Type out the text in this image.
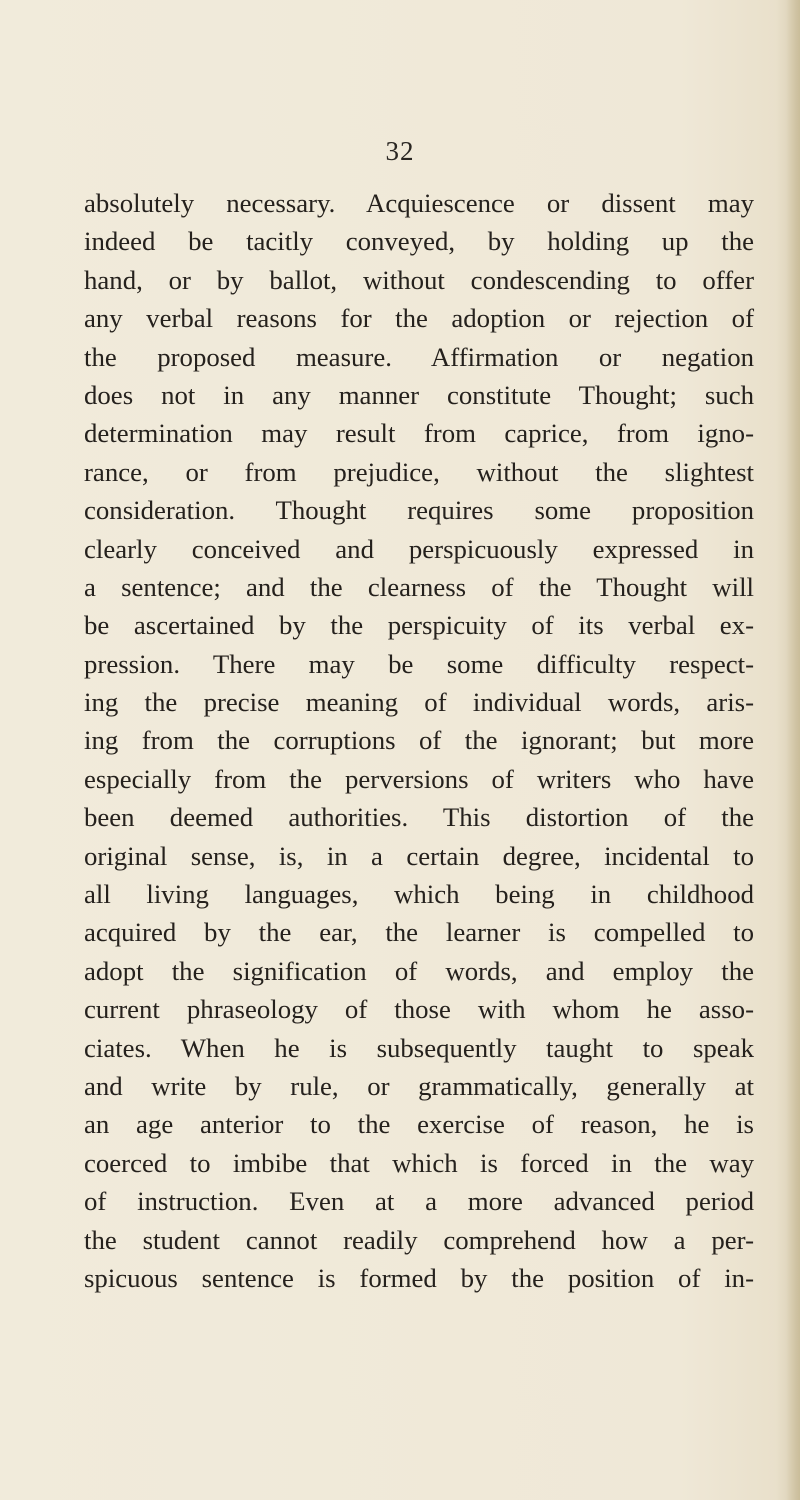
32
absolutely necessary. Acquiescence or dissent may
indeed be tacitly conveyed, by holding up the
hand, or by ballot, without condescending to offer
any verbal reasons for the adoption or rejection of
the proposed measure. Affirmation or negation
does not in any manner constitute Thought; such
determination may result from caprice, from igno-
rance, or from prejudice, without the slightest
consideration. Thought requires some proposition
clearly conceived and perspicuously expressed in
a sentence; and the clearness of the Thought will
be ascertained by the perspicuity of its verbal ex-
pression. There may be some difficulty respect-
ing the precise meaning of individual words, aris-
ing from the corruptions of the ignorant; but more
especially from the perversions of writers who have
been deemed authorities. This distortion of the
original sense, is, in a certain degree, incidental to
all living languages, which being in childhood
acquired by the ear, the learner is compelled to
adopt the signification of words, and employ the
current phraseology of those with whom he asso-
ciates. When he is subsequently taught to speak
and write by rule, or grammatically, generally at
an age anterior to the exercise of reason, he is
coerced to imbibe that which is forced in the way
of instruction. Even at a more advanced period
the student cannot readily comprehend how a per-
spicuous sentence is formed by the position of in-
